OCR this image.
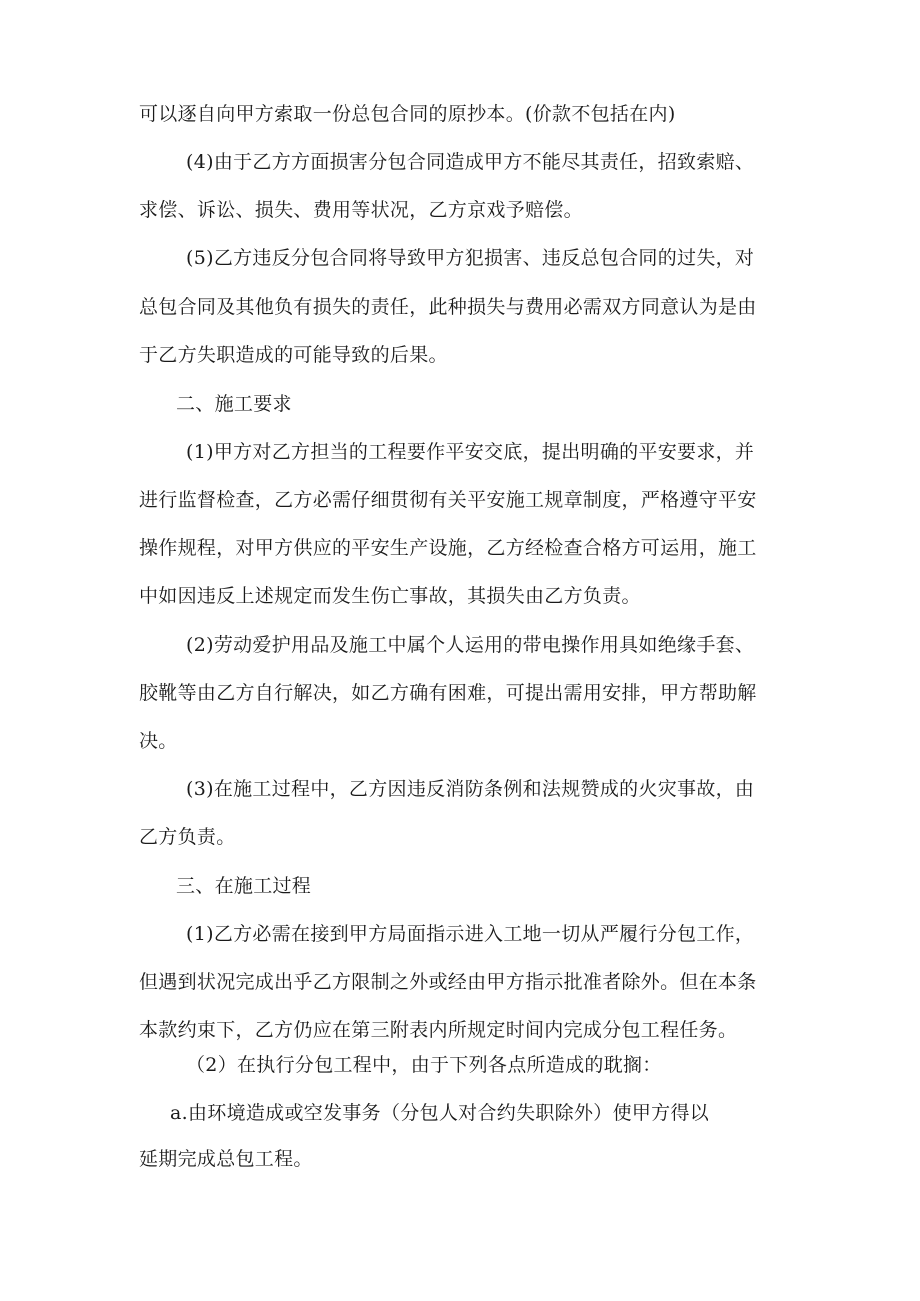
可以逐自向甲方索取一份总包合同的原抄本。(价款不包括在内)
(4)由于乙方方面损害分包合同造成甲方不能尽其责任，招致索赔、
求偿、诉讼、损失、费用等状况，乙方京戏予赔偿。
(5)乙方违反分包合同将导致甲方犯损害、违反总包合同的过失，对
总包合同及其他负有损失的责任，此种损失与费用必需双方同意认为是由
于乙方失职造成的可能导致的后果。
二、施工要求
(1)甲方对乙方担当的工程要作平安交底，提出明确的平安要求，并
进行监督检查，乙方必需仔细贯彻有关平安施工规章制度，严格遵守平安
操作规程，对甲方供应的平安生产设施，乙方经检查合格方可运用，施工
中如因违反上述规定而发生伤亡事故，其损失由乙方负责。
(2)劳动爱护用品及施工中属个人运用的带电操作用具如绝缘手套、
胶靴等由乙方自行解决，如乙方确有困难，可提出需用安排，甲方帮助解
决。
(3)在施工过程中，乙方因违反消防条例和法规赞成的火灾事故，由
乙方负责。
三、在施工过程
(1)乙方必需在接到甲方局面指示进入工地一切从严履行分包工作，
但遇到状况完成出乎乙方限制之外或经由甲方指示批准者除外。但在本条
本款约束下，乙方仍应在第三附表内所规定时间内完成分包工程任务。
（2）在执行分包工程中，由于下列各点所造成的耽搁：
a.由环境造成或空发事务（分包人对合约失职除外）使甲方得以
延期完成总包工程。
